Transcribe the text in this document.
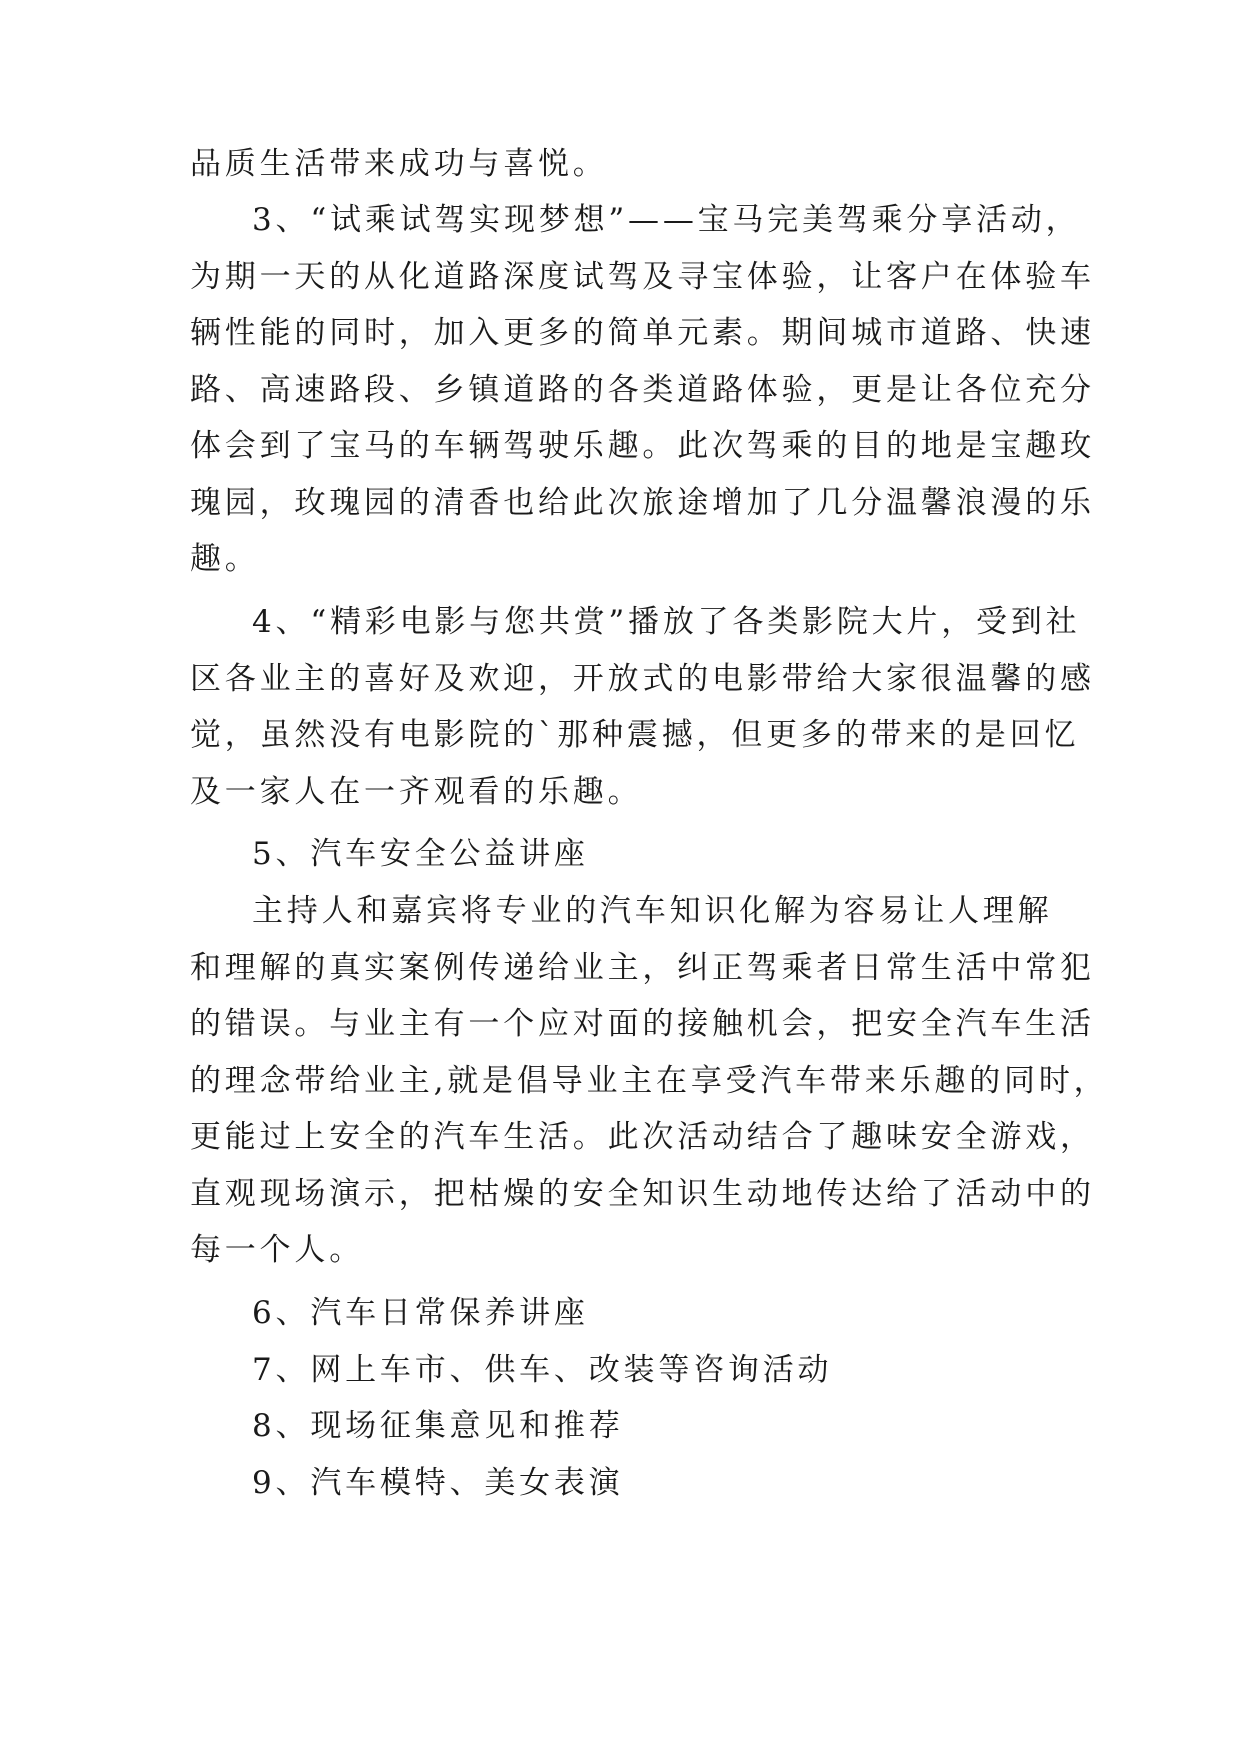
品质生活带来成功与喜悦。
3、“试乘试驾实现梦想”——宝马完美驾乘分享活动，
为期一天的从化道路深度试驾及寻宝体验，让客户在体验车
辆性能的同时，加入更多的简单元素。期间城市道路、快速
路、高速路段、乡镇道路的各类道路体验，更是让各位充分
体会到了宝马的车辆驾驶乐趣。此次驾乘的目的地是宝趣玫
瑰园，玫瑰园的清香也给此次旅途增加了几分温馨浪漫的乐
趣。
4、“精彩电影与您共赏”播放了各类影院大片，受到社
区各业主的喜好及欢迎，开放式的电影带给大家很温馨的感
觉，虽然没有电影院的`那种震撼，但更多的带来的是回忆
及一家人在一齐观看的乐趣。
5、汽车安全公益讲座
主持人和嘉宾将专业的汽车知识化解为容易让人理解
和理解的真实案例传递给业主，纠正驾乘者日常生活中常犯
的错误。与业主有一个应对面的接触机会，把安全汽车生活
的理念带给业主,就是倡导业主在享受汽车带来乐趣的同时，
更能过上安全的汽车生活。此次活动结合了趣味安全游戏，
直观现场演示，把枯燥的安全知识生动地传达给了活动中的
每一个人。
6、汽车日常保养讲座
7、网上车市、供车、改装等咨询活动
8、现场征集意见和推荐
9、汽车模特、美女表演
